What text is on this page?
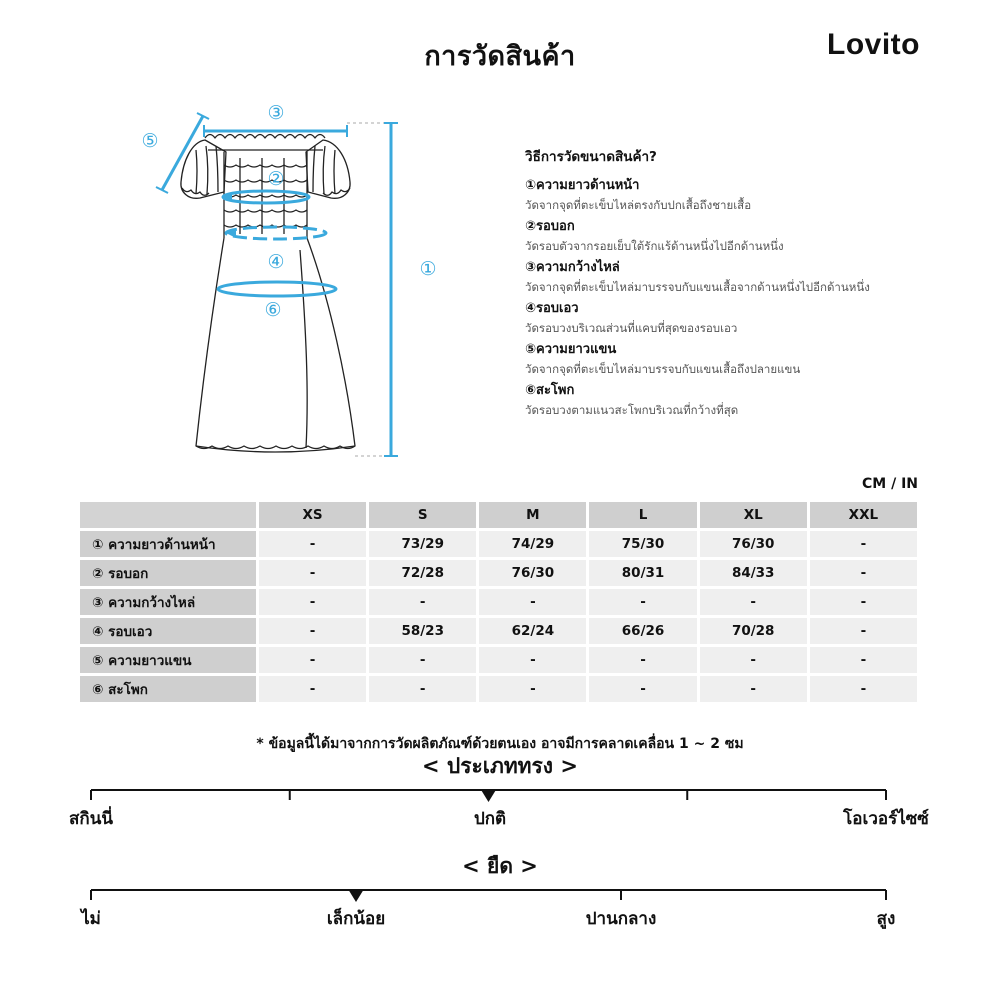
การวัดสินค้า	Lovito
①
②
③
④
⑤
⑥
วิธีการวัดขนาดสินค้า?
①ความยาวด้านหน้า
วัดจากจุดที่ตะเข็บไหล่ตรงกับปกเสื้อถึงชายเสื้อ
②รอบอก
วัดรอบตัวจากรอยเย็บใต้รักแร้ด้านหนึ่งไปอีกด้านหนึ่ง
③ความกว้างไหล่
วัดจากจุดที่ตะเข็บไหล่มาบรรจบกับแขนเสื้อจากด้านหนึ่งไปอีกด้านหนึ่ง
④รอบเอว
วัดรอบวงบริเวณส่วนที่แคบที่สุดของรอบเอว
⑤ความยาวแขน
วัดจากจุดที่ตะเข็บไหล่มาบรรจบกับแขนเสื้อถึงปลายแขน
⑥สะโพก
วัดรอบวงตามแนวสะโพกบริเวณที่กว้างที่สุด
CM / IN
	XS	S	M	L	XL	XXL
① ความยาวด้านหน้า	-	73/29	74/29	75/30	76/30	-
② รอบอก	-	72/28	76/30	80/31	84/33	-
③ ความกว้างไหล่	-	-	-	-	-	-
④ รอบเอว	-	58/23	62/24	66/26	70/28	-
⑤ ความยาวแขน	-	-	-	-	-	-
⑥ สะโพก	-	-	-	-	-	-
* ข้อมูลนี้ได้มาจากการวัดผลิตภัณฑ์ด้วยตนเอง อาจมีการคลาดเคลื่อน 1 ~ 2 ซม
< ประเภททรง >
สกินนี่	ปกติ	โอเวอร์ไซซ์
< ยืด >
ไม่	เล็กน้อย	ปานกลาง	สูง
